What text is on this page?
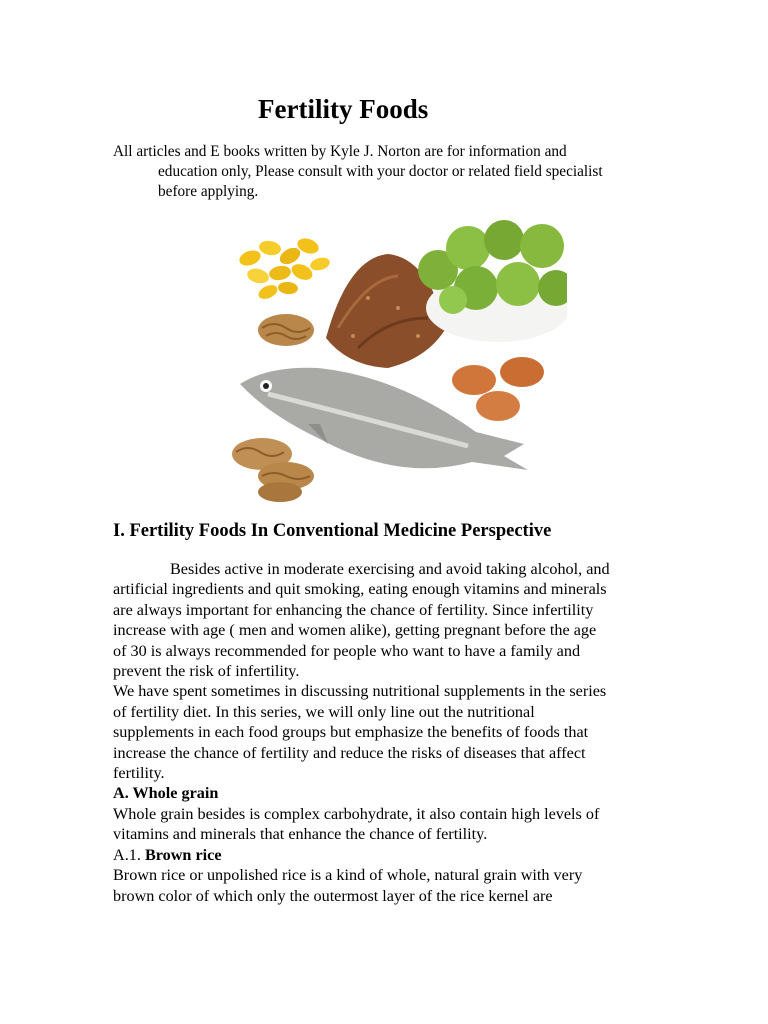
Fertility Foods
All articles and E books written by Kyle J. Norton are for information and
education only, Please consult with your doctor or related field specialist
before applying.
I. Fertility Foods In Conventional Medicine Perspective
Besides active in moderate exercising and avoid taking alcohol, and
artificial ingredients and quit smoking, eating enough vitamins and minerals
are always important for enhancing the chance of fertility. Since infertility
increase with age ( men and women alike), getting pregnant before the age
of 30 is always recommended for people who want to have a family and
prevent the risk of infertility.
We have spent sometimes in discussing nutritional supplements in the series
of fertility diet. In this series, we will only line out the nutritional
supplements in each food groups but emphasize the benefits of foods that
increase the chance of fertility and reduce the risks of diseases that affect
fertility.
A. Whole grain
Whole grain besides is complex carbohydrate, it also contain high levels of
vitamins and minerals that enhance the chance of fertility.
A.1. Brown rice
Brown rice or unpolished rice is a kind of whole, natural grain with very
brown color of which only the outermost layer of the rice kernel are
